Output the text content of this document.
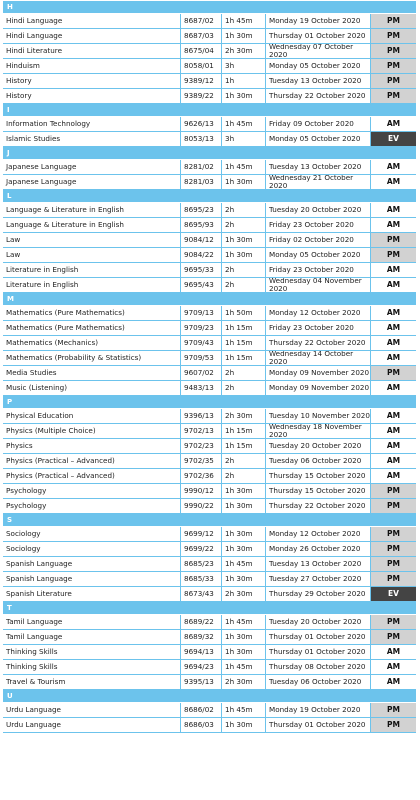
H
Hindi Language	8687/02	1h 45m	Monday 19 October 2020	PM
Hindi Language	8687/03	1h 30m	Thursday 01 October 2020	PM
Hindi Literature	8675/04	2h 30m	Wednesday 07 October 2020	PM
Hinduism	8058/01	3h	Monday 05 October 2020	PM
History	9389/12	1h	Tuesday 13 October 2020	PM
History	9389/22	1h 30m	Thursday 22 October 2020	PM
I
Information Technology	9626/13	1h 45m	Friday 09 October 2020	AM
Islamic Studies	8053/13	3h	Monday 05 October 2020	EV
J
Japanese Language	8281/02	1h 45m	Tuesday 13 October 2020	AM
Japanese Language	8281/03	1h 30m	Wednesday 21 October 2020	AM
L
Language & Literature in English	8695/23	2h	Tuesday 20 October 2020	AM
Language & Literature in English	8695/93	2h	Friday 23 October 2020	AM
Law	9084/12	1h 30m	Friday 02 October 2020	PM
Law	9084/22	1h 30m	Monday 05 October 2020	PM
Literature in English	9695/33	2h	Friday 23 October 2020	AM
Literature in English	9695/43	2h	Wednesday 04 November 2020	AM
M
Mathematics (Pure Mathematics)	9709/13	1h 50m	Monday 12 October 2020	AM
Mathematics (Pure Mathematics)	9709/23	1h 15m	Friday 23 October 2020	AM
Mathematics (Mechanics)	9709/43	1h 15m	Thursday 22 October 2020	AM
Mathematics (Probability & Statistics)	9709/53	1h 15m	Wednesday 14 October 2020	AM
Media Studies	9607/02	2h	Monday 09 November 2020	PM
Music (Listening)	9483/13	2h	Monday 09 November 2020	AM
P
Physical Education	9396/13	2h 30m	Tuesday 10 November 2020	AM
Physics (Multiple Choice)	9702/13	1h 15m	Wednesday 18 November 2020	AM
Physics	9702/23	1h 15m	Tuesday 20 October 2020	AM
Physics (Practical – Advanced)	9702/35	2h	Tuesday 06 October 2020	AM
Physics (Practical – Advanced)	9702/36	2h	Thursday 15 October 2020	AM
Psychology	9990/12	1h 30m	Thursday 15 October 2020	PM
Psychology	9990/22	1h 30m	Thursday 22 October 2020	PM
S
Sociology	9699/12	1h 30m	Monday 12 October 2020	PM
Sociology	9699/22	1h 30m	Monday 26 October 2020	PM
Spanish Language	8685/23	1h 45m	Tuesday 13 October 2020	PM
Spanish Language	8685/33	1h 30m	Tuesday 27 October 2020	PM
Spanish Literature	8673/43	2h 30m	Thursday 29 October 2020	EV
T
Tamil Language	8689/22	1h 45m	Tuesday 20 October 2020	PM
Tamil Language	8689/32	1h 30m	Thursday 01 October 2020	PM
Thinking Skills	9694/13	1h 30m	Thursday 01 October 2020	AM
Thinking Skills	9694/23	1h 45m	Thursday 08 October 2020	AM
Travel & Tourism	9395/13	2h 30m	Tuesday 06 October 2020	AM
U
Urdu Language	8686/02	1h 45m	Monday 19 October 2020	PM
Urdu Language	8686/03	1h 30m	Thursday 01 October 2020	PM
